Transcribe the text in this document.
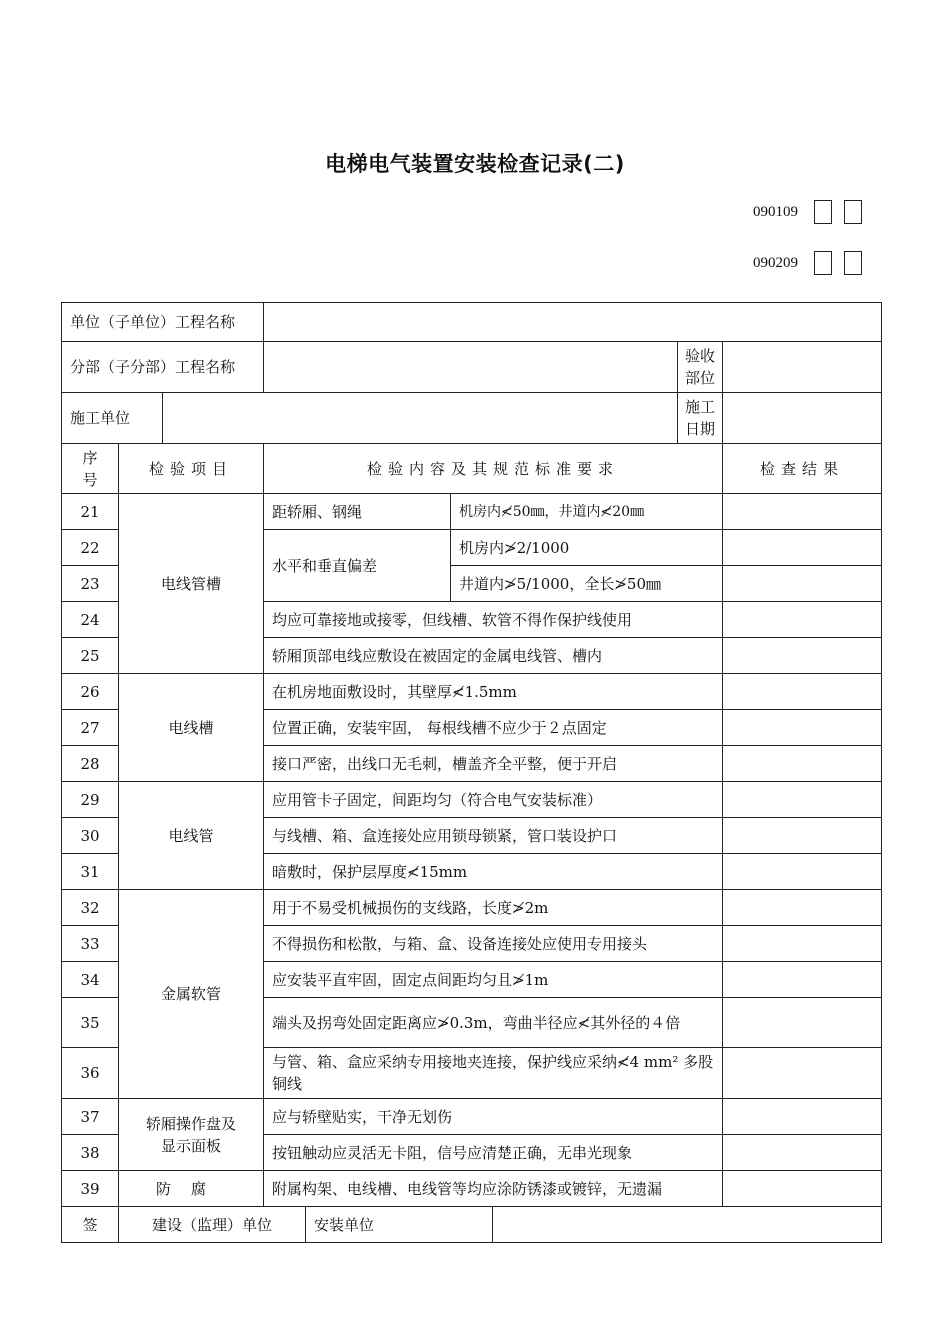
电梯电气装置安装检查记录(二)
090109
090209
单位（子单位）工程名称								
分部（子分部）工程名称							验收部位	
施工单位							施工日期	
序号	检验项目		检验内容及其规范标准要求					检查结果
21	电线管槽		距轿厢、钢绳		机房内≮50㎜，井道内≮20㎜			
22			水平和垂直偏差		机房内≯2/1000			
23					井道内≯5/1000，全长≯50㎜			
24			均应可靠接地或接零，但线槽、软管不得作保护线使用					
25			轿厢顶部电线应敷设在被固定的金属电线管、槽内					
26	电线槽		在机房地面敷设时，其壁厚≮1.5mm					
27			位置正确，安装牢固， 每根线槽不应少于２点固定					
28			接口严密，出线口无毛刺，槽盖齐全平整，便于开启					
29	电线管		应用管卡子固定，间距均匀（符合电气安装标准）					
30			与线槽、箱、盒连接处应用锁母锁紧，管口装设护口					
31			暗敷时，保护层厚度≮15mm					
32	金属软管		用于不易受机械损伤的支线路，长度≯2m					
33			不得损伤和松散，与箱、盒、设备连接处应使用专用接头					
34			应安装平直牢固，固定点间距均匀且≯1m					
35			端头及拐弯处固定距离应≯0.3m，弯曲半径应≮其外径的４倍					
36			与管、箱、盒应采纳专用接地夹连接，保护线应采纳≮4 mm² 多股铜线					
37	轿厢操作盘及显示面板		应与轿壁贴实，干净无划伤					
38			按钮触动应灵活无卡阻，信号应清楚正确，无串光现象					
39	防腐		附属构架、电线槽、电线管等均应涂防锈漆或镀锌，无遗漏					
签	建设（监理）单位			安装单位				
